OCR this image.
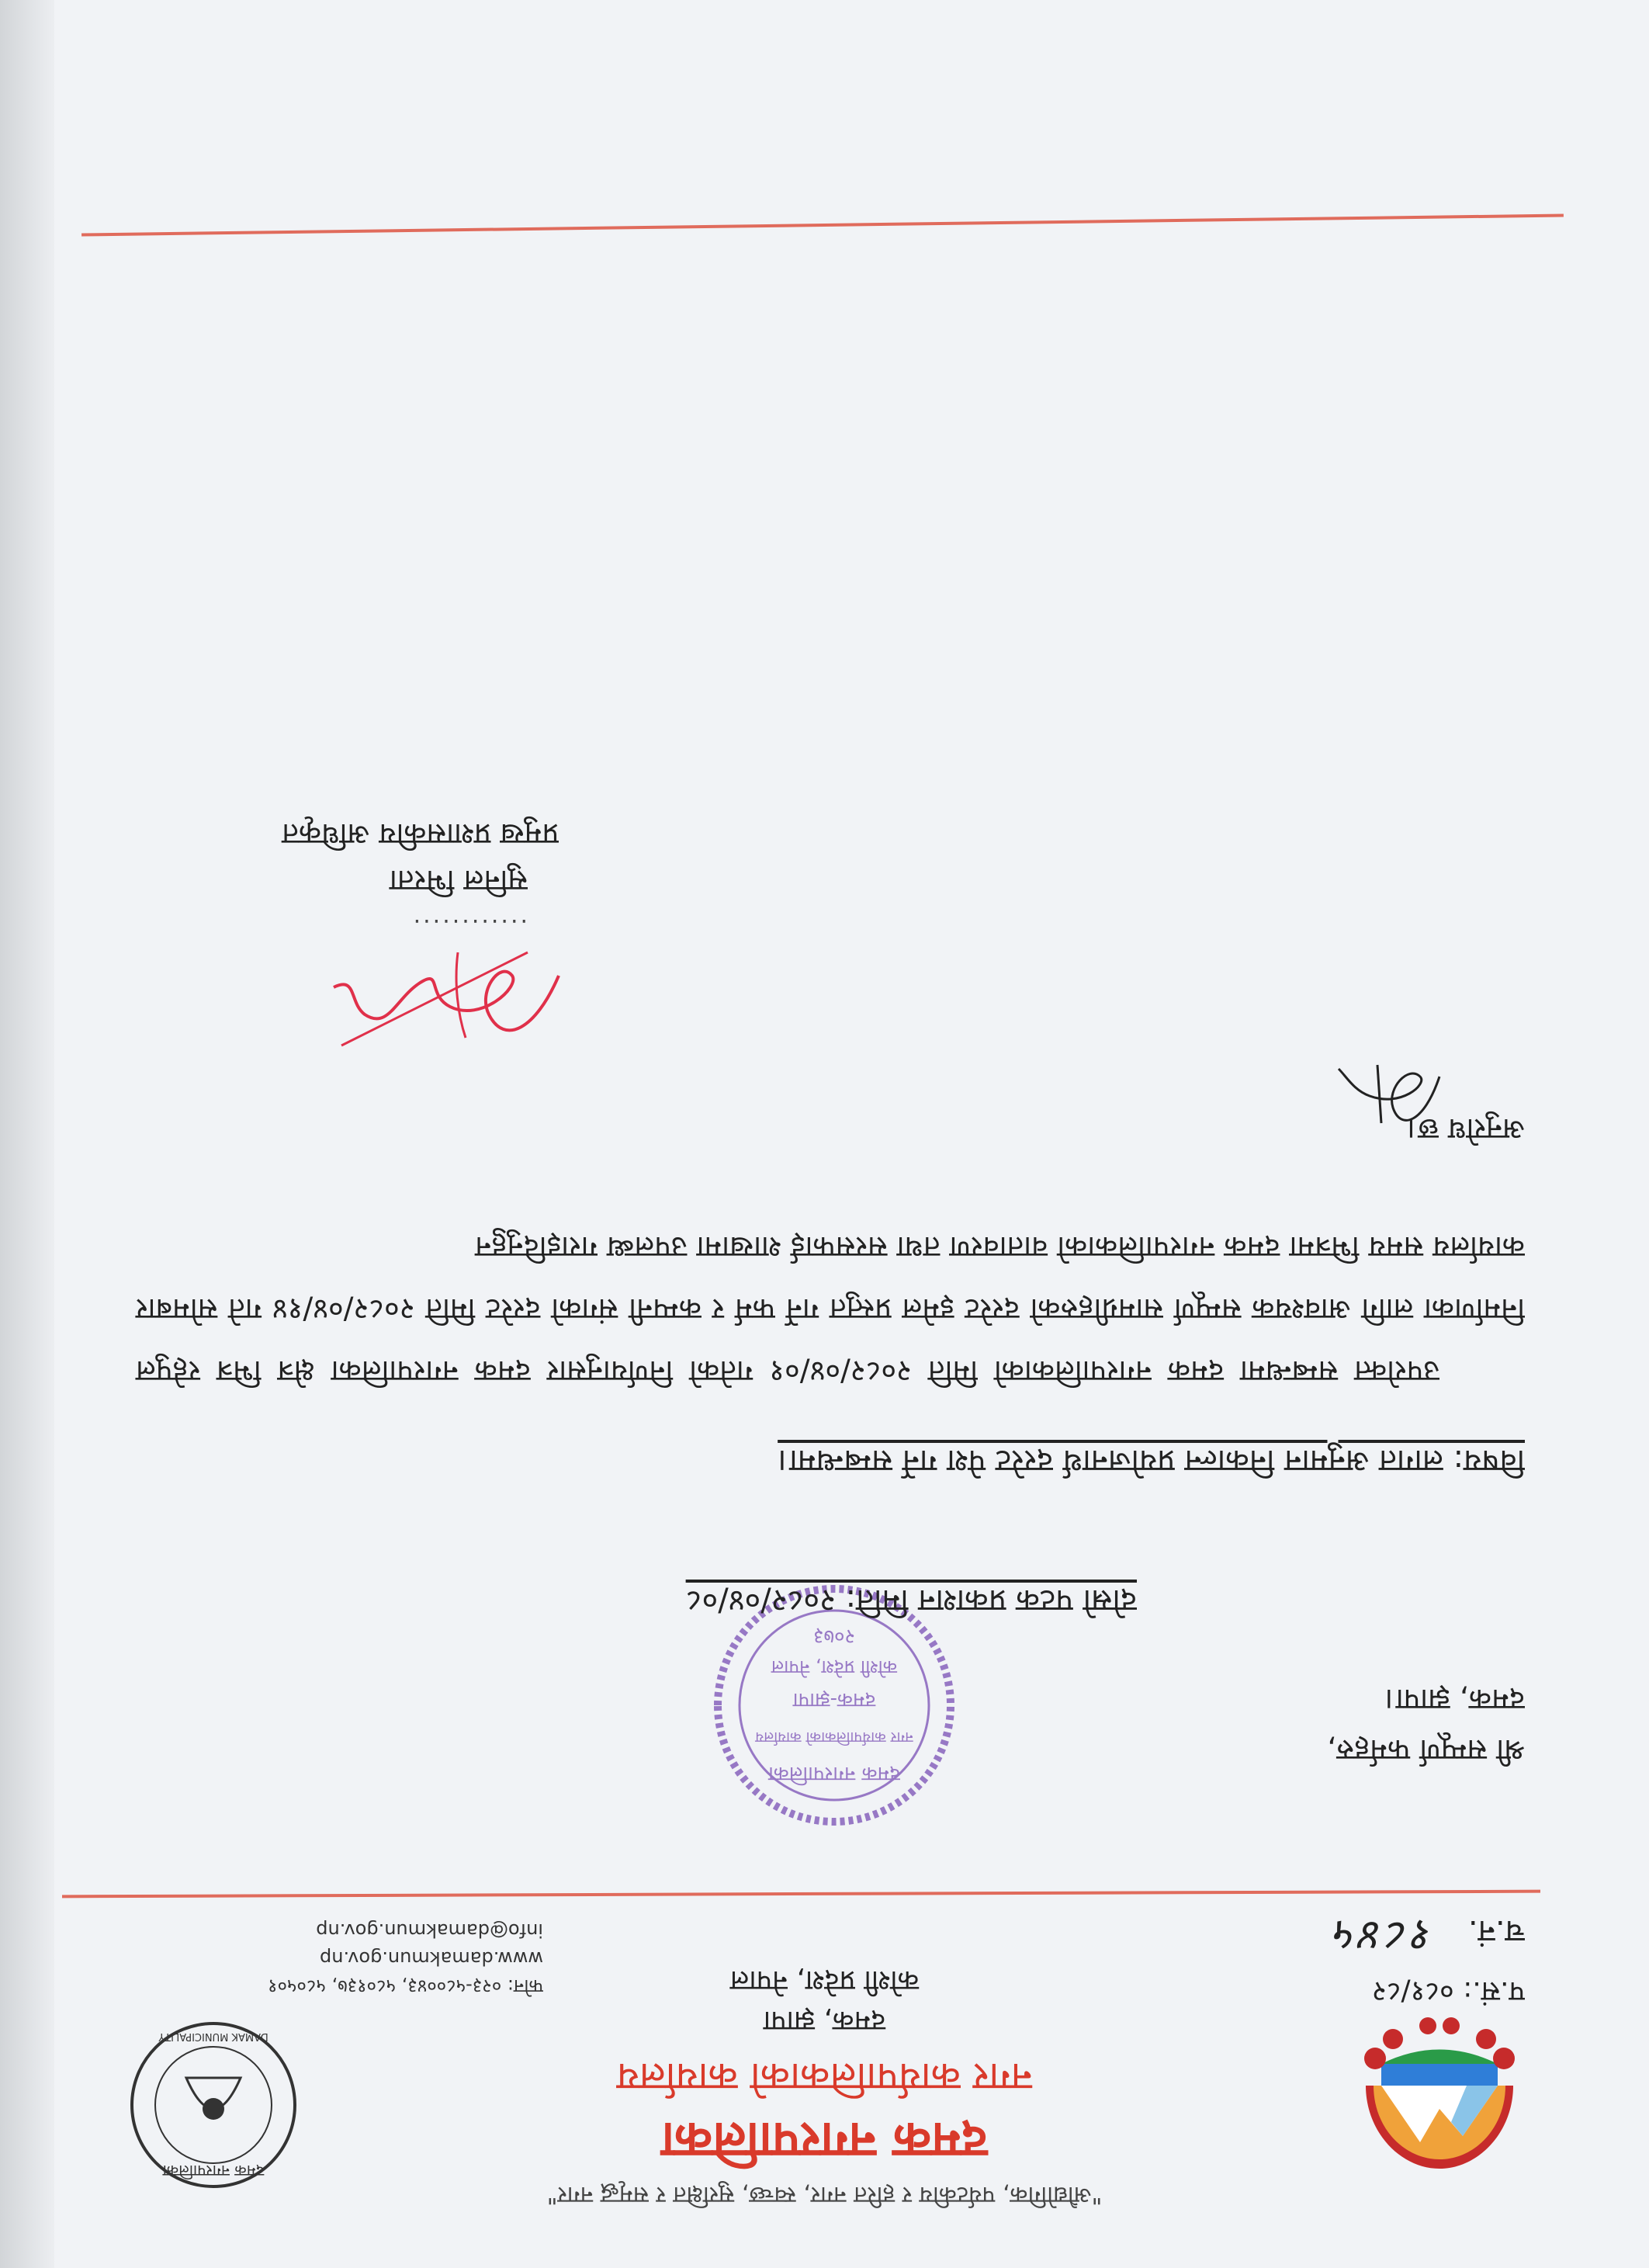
"औद्योगिक, पर्यटकीय र हरित नगर, स्वच्छ, सुरक्षित र समृद्ध नगर"
दमक नगरपालिका
नगर कार्यपालिकाको कार्यालय
दमक, झापा
कोशी प्रदेश, नेपाल
दमक नगरपालिका
DAMAK MUNICIPALITY
फोन: ०२३-५८००४३, ५८०१३७, ५८०५०१
www.damakmun.gov.np
info@damakmun.gov.np
प.सं.: ०८१/८२
च.नं. १८४५
दमक नगरपालिका
नगर कार्यपालिकाको कार्यालय
दमक-झापा
कोशी प्रदेश, नेपाल
२०७३
श्री सम्पूर्ण फर्महरु,
दमक, झापा।
दोस्रो पटक प्रकाशन मिति: २०८२/०४/०८
विषय: लागत अनुमान निकाल्न प्रयोजनार्थ दररेट पेश गर्ने सम्बन्धमा।
उपरोक्त सम्बन्धमा दमक नगरपालिकाको मिति २०८२/०४/०१ गतेको निर्णयानुसार दमक नगरपालिका क्षेत्र भित्र रहेपुल निर्माणका लागि आवश्यक सम्पूर्ण सामग्रीहरुको दररेट इमेल प्रस्तुत गर्ने फर्म र कम्पनी संगको दररेट मिति २०८२/०४/१४ गते सोमबार कार्यालय समय भित्रमा दमक नगरपालिकाको वातावरण तथा सरसफाई शाखामा उपलब्ध गराइदिनुहुन
अनुरोध छ।
............
सुनिल भिरता
प्रमुख प्रशासकीय अधिकृत
